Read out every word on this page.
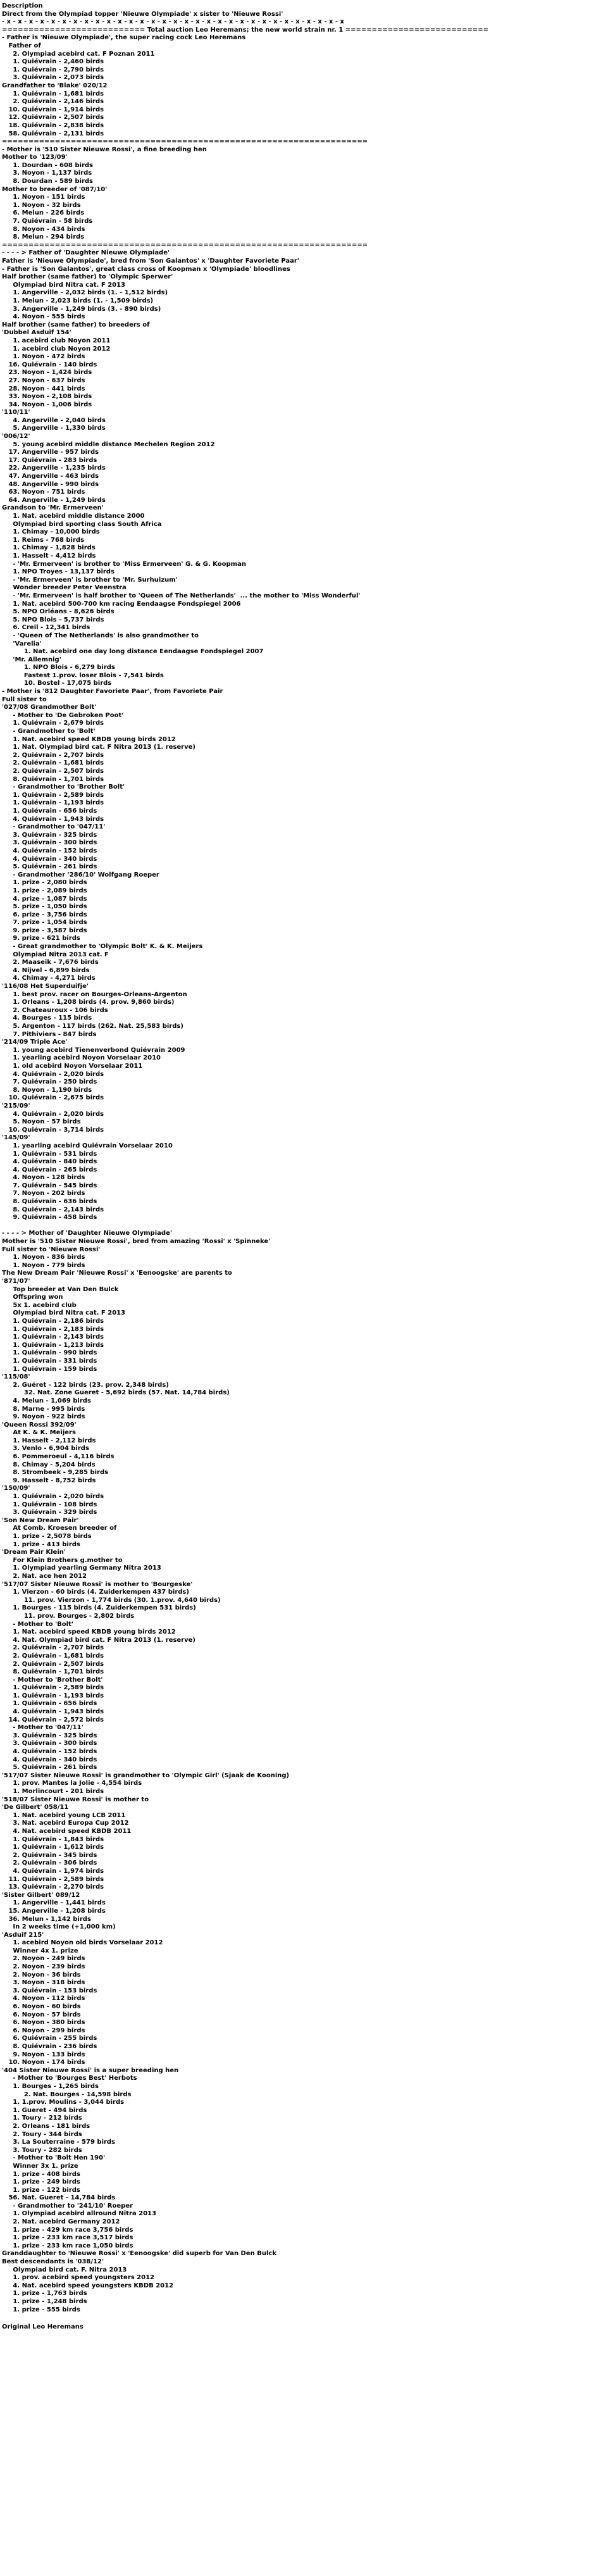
Description
Direct from the Olympiad topper 'Nieuwe Olympiade' x sister to 'Nieuwe Rossi'
- x - x - x - x - x - x - x - x - x - x - x - x - x - x - x - x - x - x - x - x - x - x - x - x - x - x - x - x - x - x - x
=========================== Total auction Leo Heremans; the new world strain nr. 1 ===========================
- Father is 'Nieuwe Olympiade', the super racing cock Leo Heremans
Father of
2. Olympiad acebird cat. F Poznan 2011
1. Quiévrain - 2,460 birds
1. Quiévrain - 2,790 birds
3. Quiévrain - 2,073 birds
Grandfather to 'Blake' 020/12
1. Quiévrain - 1,681 birds
2. Quiévrain - 2,146 birds
10. Quiévrain - 1,914 birds
12. Quiévrain - 2,507 birds
18. Quiévrain - 2,838 birds
58. Quiévrain - 2,131 birds
=====================================================================
- Mother is '510 Sister Nieuwe Rossi', a fine breeding hen
Mother to '123/09'
1. Dourdan - 608 birds
3. Noyon - 1,137 birds
8. Dourdan - 589 birds
Mother to breeder of '087/10'
1. Noyon - 151 birds
1. Noyon - 32 birds
6. Melun - 226 birds
7. Quiévrain - 58 birds
8. Noyon - 434 birds
8. Melun - 294 birds
=====================================================================
- - - - > Father of 'Daughter Nieuwe Olympiade'
Father is 'Nieuwe Olympiade', bred from 'Son Galantos' x 'Daughter Favoriete Paar'
- Father is 'Son Galantos', great class cross of Koopman x 'Olympiade' bloodlines
Half brother (same father) to 'Olympic Sperwer'
Olympiad bird Nitra cat. F 2013
1. Angerville - 2,032 birds (1. - 1,512 birds)
1. Melun - 2,023 birds (1. - 1,509 birds)
3. Angerville - 1,249 birds (3. - 890 birds)
4. Noyon - 555 birds
Half brother (same father) to breeders of
'Dubbel Asduif 154'
1. acebird club Noyon 2011
1. acebird club Noyon 2012
1. Noyon - 472 birds
16. Quiévrain - 140 birds
23. Noyon - 1,424 birds
27. Noyon - 637 birds
28. Noyon - 441 birds
33. Noyon - 2,108 birds
34. Noyon - 1,006 birds
'110/11'
4. Angerville - 2,040 birds
5. Angerville - 1,330 birds
'006/12'
5. young acebird middle distance Mechelen Region 2012
17. Angerville - 957 birds
17. Quiévrain - 283 birds
22. Angerville - 1,235 birds
47. Angerville - 463 birds
48. Angerville - 990 birds
63. Noyon - 751 birds
64. Angerville - 1,249 birds
Grandson to 'Mr. Ermerveen'
1. Nat. acebird middle distance 2000
Olympiad bird sporting class South Africa
1. Chimay - 10,000 birds
1. Reims - 768 birds
1. Chimay - 1,828 birds
1. Hasselt - 4,412 birds
- 'Mr. Ermerveen' is brother to 'Miss Ermerveen' G. & G. Koopman
1. NPO Troyes - 13,137 birds
- 'Mr. Ermerveen' is brother to 'Mr. Surhuizum'
Wonder breeder Peter Veenstra
- 'Mr. Ermerveen' is half brother to 'Queen of The Netherlands'  ... the mother to 'Miss Wonderful'
1. Nat. acebird 500-700 km racing Eendaagse Fondspiegel 2006
5. NPO Orléans - 8,626 birds
5. NPO Blois - 5,737 birds
6. Creil - 12,341 birds
- 'Queen of The Netherlands' is also grandmother to
'Varelia'
1. Nat. acebird one day long distance Eendaagse Fondspiegel 2007
'Mr. Allemnig'
1. NPO Blois - 6,279 birds
Fastest 1.prov. loser Blois - 7,541 birds
10. Bostel - 17,075 birds
- Mother is '812 Daughter Favoriete Paar', from Favoriete Pair
Full sister to
'027/08 Grandmother Bolt'
- Mother to 'De Gebroken Poot'
1. Quiévrain - 2,679 birds
- Grandmother to 'Bolt'
1. Nat. acebird speed KBDB young birds 2012
1. Nat. Olympiad bird cat. F Nitra 2013 (1. reserve)
2. Quiévrain - 2,707 birds
2. Quiévrain - 1,681 birds
2. Quiévrain - 2,507 birds
8. Quiévrain - 1,701 birds
- Grandmother to 'Brother Bolt'
1. Quiévrain - 2,589 birds
1. Quiévrain - 1,193 birds
1. Quiévrain - 656 birds
4. Quiévrain - 1,943 birds
- Grandmother to '047/11'
3. Quiévrain - 325 birds
3. Quiévrain - 300 birds
4. Quiévrain - 152 birds
4. Quiévrain - 340 birds
5. Quiévrain - 261 birds
- Grandmother '286/10' Wolfgang Roeper
1. prize - 2,080 birds
1. prize - 2,089 birds
4. prize - 1,087 birds
5. prize - 1,050 birds
6. prize - 3,756 birds
7. prize - 1,054 birds
9. prize - 3,587 birds
9. prize - 621 birds
- Great grandmother to 'Olympic Bolt' K. & K. Meijers
Olympiad Nitra 2013 cat. F
2. Maaseik - 7,676 birds
4. Nijvel - 6,899 birds
4. Chimay - 4,271 birds
'116/08 Het Superduifje'
1. best prov. racer on Bourges-Orleans-Argenton
1. Orleans - 1,208 birds (4. prov. 9,860 birds)
2. Chateauroux - 106 birds
4. Bourges - 115 birds
5. Argenton - 117 birds (262. Nat. 25,583 birds)
7. Pithiviers - 847 birds
'214/09 Triple Ace'
1. young acebird Tienenverbond Quiévrain 2009
1. yearling acebird Noyon Vorselaar 2010
1. old acebird Noyon Vorselaar 2011
4. Quiévrain - 2,020 birds
7. Quiévrain - 250 birds
8. Noyon - 1,190 birds
10. Quiévrain - 2,675 birds
'215/09'
4. Quiévrain - 2,020 birds
5. Noyon - 57 birds
10. Quiévrain - 3,714 birds
'145/09'
1. yearling acebird Quiévrain Vorselaar 2010
1. Quiévrain - 531 birds
4. Quiévrain - 840 birds
4. Quiévrain - 265 birds
4. Noyon - 128 birds
7. Quiévrain - 545 birds
7. Noyon - 202 birds
8. Quiévrain - 636 birds
8. Quiévrain - 2,143 birds
9. Quiévrain - 458 birds

- - - - > Mother of 'Daughter Nieuwe Olympiade'
Mother is '510 Sister Nieuwe Rossi', bred from amazing 'Rossi' x 'Spinneke'
Full sister to 'Nieuwe Rossi'
1. Noyon - 836 birds
1. Noyon - 779 birds
The New Dream Pair 'Nieuwe Rossi' x 'Eenoogske' are parents to
'871/07'
Top breeder at Van Den Bulck
Offspring won
5x 1. acebird club
Olympiad bird Nitra cat. F 2013
1. Quiévrain - 2,186 birds
1. Quiévrain - 2,183 birds
1. Quiévrain - 2,143 birds
1. Quiévrain - 1,213 birds
1. Quiévrain - 990 birds
1. Quiévrain - 331 birds
1. Quiévrain - 159 birds
'115/08'
2. Guéret - 122 birds (23. prov. 2,348 birds)
32. Nat. Zone Gueret - 5,692 birds (57. Nat. 14,784 birds)
4. Melun - 1,069 birds
8. Marne - 995 birds
9. Noyon - 922 birds
'Queen Rossi 392/09'
At K. & K. Meijers
1. Hasselt - 2,112 birds
3. Venlo - 6,904 birds
6. Pommeroeul - 4,116 birds
8. Chimay - 5,204 birds
8. Strombeek - 9,285 birds
9. Hasselt - 8,752 birds
'150/09'
1. Quiévrain - 2,020 birds
1. Quiévrain - 108 birds
3. Quiévrain - 329 birds
'Son New Dream Pair'
At Comb. Kroesen breeder of
1. prize - 2,5078 birds
1. prize - 413 birds
'Dream Pair Klein'
For Klein Brothers g.mother to
1. Olympiad yearling Germany Nitra 2013
2. Nat. ace hen 2012
'517/07 Sister Nieuwe Rossi' is mother to 'Bourgeske'
1. Vierzon - 60 birds (4. Zuiderkempen 437 birds)
11. prov. Vierzon - 1,774 birds (30. 1.prov. 4,640 birds)
1. Bourges - 115 birds (4. Zuiderkempen 531 birds)
11. prov. Bourges - 2,802 birds
- Mother to 'Bolt'
1. Nat. acebird speed KBDB young birds 2012
4. Nat. Olympiad bird cat. F Nitra 2013 (1. reserve)
2. Quiévrain - 2,707 birds
2. Quiévrain - 1,681 birds
2. Quiévrain - 2,507 birds
8. Quiévrain - 1,701 birds
- Mother to 'Brother Bolt'
1. Quiévrain - 2,589 birds
1. Quiévrain - 1,193 birds
1. Quiévrain - 656 birds
4. Quiévrain - 1,943 birds
14. Quiévrain - 2,572 birds
- Mother to '047/11'
3. Quiévrain - 325 birds
3. Quiévrain - 300 birds
4. Quiévrain - 152 birds
4. Quiévrain - 340 birds
5. Quiévrain - 261 birds
'517/07 Sister Nieuwe Rossi' is grandmother to 'Olympic Girl' (Sjaak de Kooning)
1. prov. Mantes la Jolie - 4,554 birds
1. Morlincourt - 201 birds
'518/07 Sister Nieuwe Rossi' is mother to
'De Gilbert' 058/11
1. Nat. acebird young LCB 2011
3. Nat. acebird Europa Cup 2012
4. Nat. acebird speed KBDB 2011
1. Quiévrain - 1,843 birds
1. Quiévrain - 1,612 birds
2. Quiévrain - 345 birds
2. Quiévrain - 306 birds
4. Quiévrain - 1,974 birds
11. Quiévrain - 2,589 birds
13. Quiévrain - 2,270 birds
'Sister Gilbert' 089/12
1. Angerville - 1,441 birds
15. Angerville - 1,208 birds
36. Melun - 1,142 birds
In 2 weeks time (+1,000 km)
'Asduif 215'
1. acebird Noyon old birds Vorselaar 2012
Winner 4x 1. prize
2. Noyon - 249 birds
2. Noyon - 239 birds
2. Noyon - 36 birds
3. Noyon - 318 birds
3. Quiévrain - 153 birds
4. Noyon - 112 birds
6. Noyon - 60 birds
6. Noyon - 57 birds
6. Noyon - 380 birds
6. Noyon - 299 birds
6. Quiévrain - 255 birds
8. Quiévrain - 236 birds
9. Noyon - 133 birds
10. Noyon - 174 birds
'404 Sister Nieuwe Rossi' is a super breeding hen
- Mother to 'Bourges Best' Herbots
1. Bourges - 1,265 birds
2. Nat. Bourges - 14,598 birds
1. 1.prov. Moulins - 3,044 birds
1. Gueret - 494 birds
1. Toury - 212 birds
2. Orleans - 181 birds
2. Toury - 344 birds
3. La Souterraine - 579 birds
3. Toury - 282 birds
- Mother to 'Bolt Hen 190'
Winner 3x 1. prize
1. prize - 408 birds
1. prize - 249 birds
1. prize - 122 birds
56. Nat. Gueret - 14,784 birds
- Grandmother to '241/10' Roeper
1. Olympiad acebird allround Nitra 2013
2. Nat. acebird Germany 2012
1. prize - 429 km race 3,756 birds
1. prize - 233 km race 3,517 birds
1. prize - 233 km race 1,050 birds
Granddaughter to 'Nieuwe Rossi' x 'Eenoogske' did superb for Van Den Bulck
Best descendants is '038/12'
Olympiad bird cat. F. Nitra 2013
1. prov. acebird speed youngsters 2012
4. Nat. acebird speed youngsters KBDB 2012
1. prize - 1,763 birds
1. prize - 1,248 birds
1. prize - 555 birds

Original Leo Heremans
